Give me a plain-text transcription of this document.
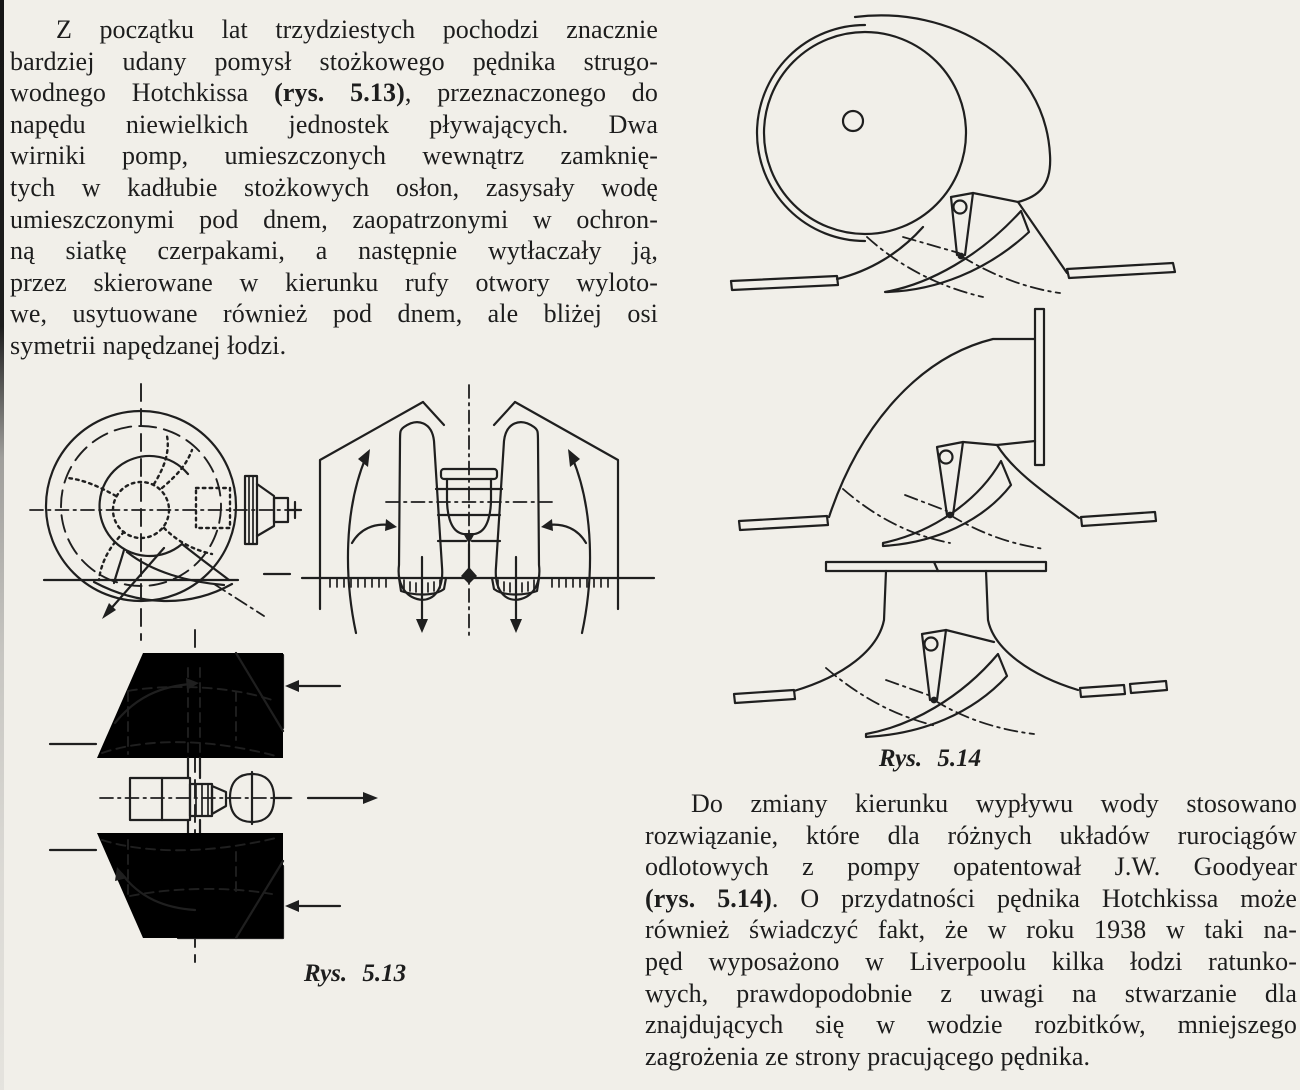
Z początku lat trzydziestych pochodzi znacznie
bardziej udany pomysł stożkowego pędnika strugo-
wodnego Hotchkissa (rys. 5.13), przeznaczonego do
napędu niewielkich jednostek pływających. Dwa
wirniki pomp, umieszczonych wewnątrz zamknię-
tych w kadłubie stożkowych osłon, zasysały wodę
umieszczonymi pod dnem, zaopatrzonymi w ochron-
ną siatkę czerpakami, a następnie wytłaczały ją,
przez skierowane w kierunku rufy otwory wyloto-
we, usytuowane również pod dnem, ale bliżej osi
symetrii napędzanej łodzi.
Rys. 5.13
Rys. 5.14
Do zmiany kierunku wypływu wody stosowano
rozwiązanie, które dla różnych układów rurociągów
odlotowych z pompy opatentował J.W. Goodyear
(rys. 5.14). O przydatności pędnika Hotchkissa może
również świadczyć fakt, że w roku 1938 w taki na-
pęd wyposażono w Liverpoolu kilka łodzi ratunko-
wych, prawdopodobnie z uwagi na stwarzanie dla
znajdujących się w wodzie rozbitków, mniejszego
zagrożenia ze strony pracującego pędnika.
